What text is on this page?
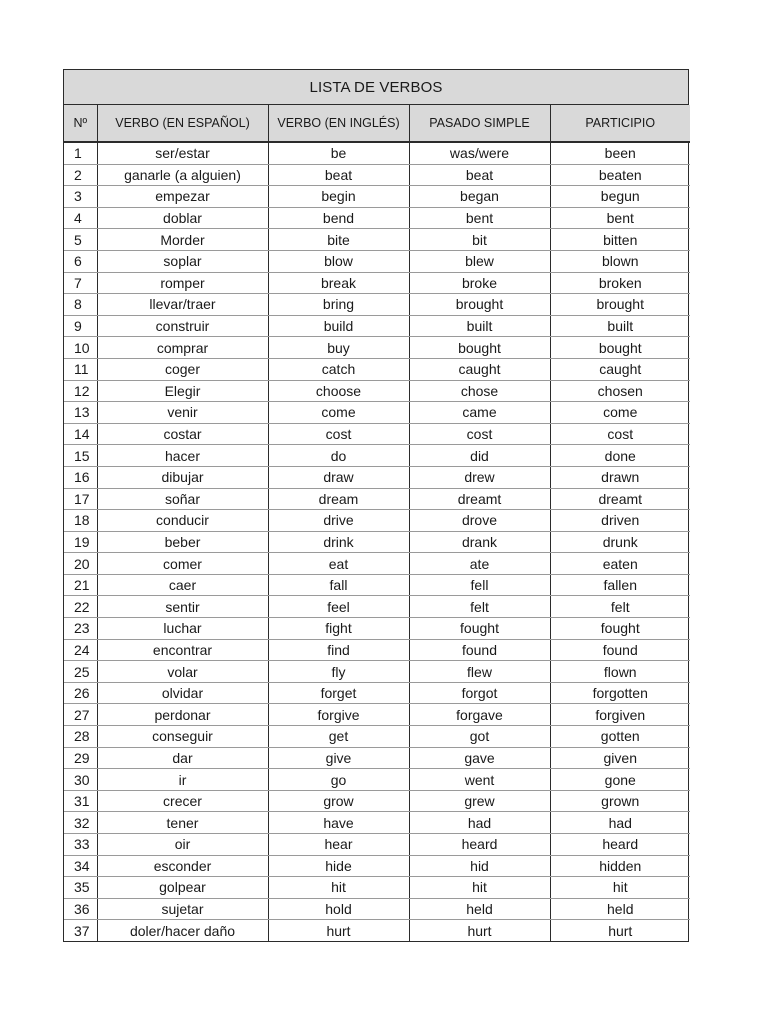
LISTA DE VERBOS
Nº	VERBO (EN ESPAÑOL)	VERBO (EN INGLÉS)	PASADO SIMPLE	PARTICIPIO
1	ser/estar	be	was/were	been
2	ganarle (a alguien)	beat	beat	beaten
3	empezar	begin	began	begun
4	doblar	bend	bent	bent
5	Morder	bite	bit	bitten
6	soplar	blow	blew	blown
7	romper	break	broke	broken
8	llevar/traer	bring	brought	brought
9	construir	build	built	built
10	comprar	buy	bought	bought
11	coger	catch	caught	caught
12	Elegir	choose	chose	chosen
13	venir	come	came	come
14	costar	cost	cost	cost
15	hacer	do	did	done
16	dibujar	draw	drew	drawn
17	soñar	dream	dreamt	dreamt
18	conducir	drive	drove	driven
19	beber	drink	drank	drunk
20	comer	eat	ate	eaten
21	caer	fall	fell	fallen
22	sentir	feel	felt	felt
23	luchar	fight	fought	fought
24	encontrar	find	found	found
25	volar	fly	flew	flown
26	olvidar	forget	forgot	forgotten
27	perdonar	forgive	forgave	forgiven
28	conseguir	get	got	gotten
29	dar	give	gave	given
30	ir	go	went	gone
31	crecer	grow	grew	grown
32	tener	have	had	had
33	oir	hear	heard	heard
34	esconder	hide	hid	hidden
35	golpear	hit	hit	hit
36	sujetar	hold	held	held
37	doler/hacer daño	hurt	hurt	hurt
